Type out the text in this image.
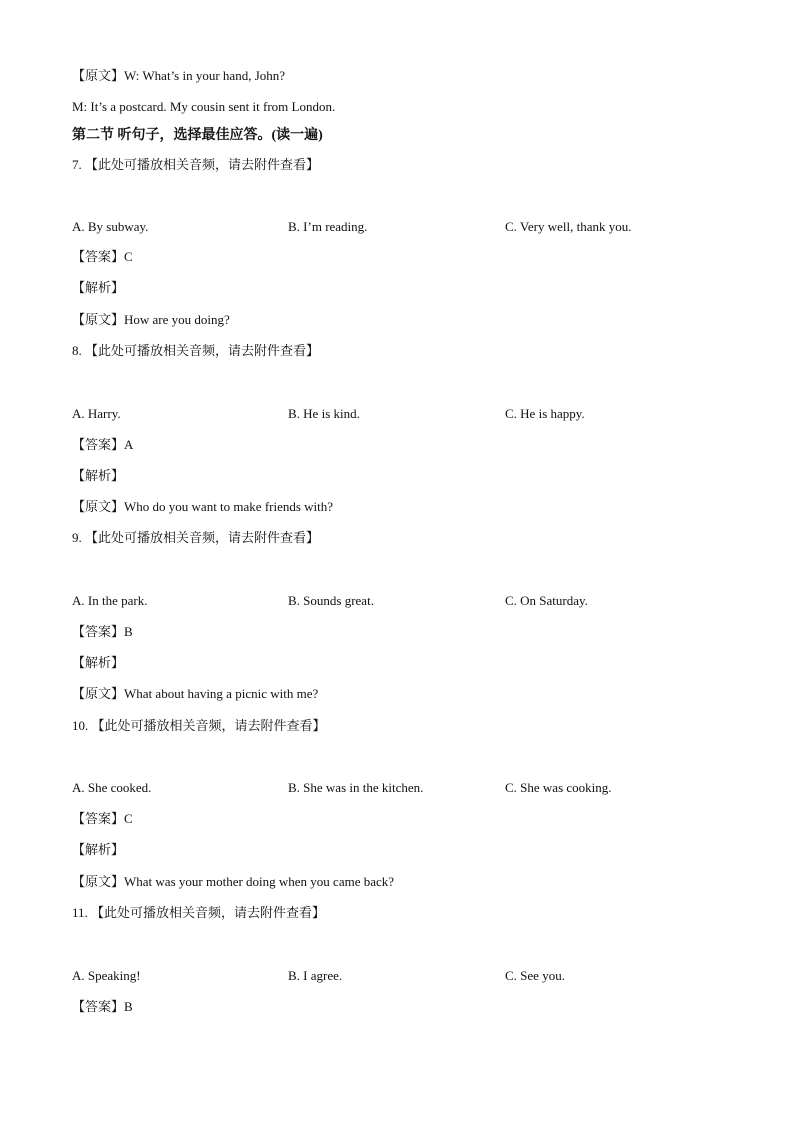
【原文】W: What’s in your hand, John?
M: It’s a postcard. My cousin sent it from London.
第二节 听句子，选择最佳应答。(读一遍)
7. 【此处可播放相关音频，请去附件查看】
A. By subway.	B. I’m reading.	C. Very well, thank you.
【答案】C
【解析】
【原文】How are you doing?
8. 【此处可播放相关音频，请去附件查看】
A. Harry.	B. He is kind.	C. He is happy.
【答案】A
【解析】
【原文】Who do you want to make friends with?
9. 【此处可播放相关音频，请去附件查看】
A. In the park.	B. Sounds great.	C. On Saturday.
【答案】B
【解析】
【原文】What about having a picnic with me?
10. 【此处可播放相关音频，请去附件查看】
A. She cooked.	B. She was in the kitchen.	C. She was cooking.
【答案】C
【解析】
【原文】What was your mother doing when you came back?
11. 【此处可播放相关音频，请去附件查看】
A. Speaking!	B. I agree.	C. See you.
【答案】B
